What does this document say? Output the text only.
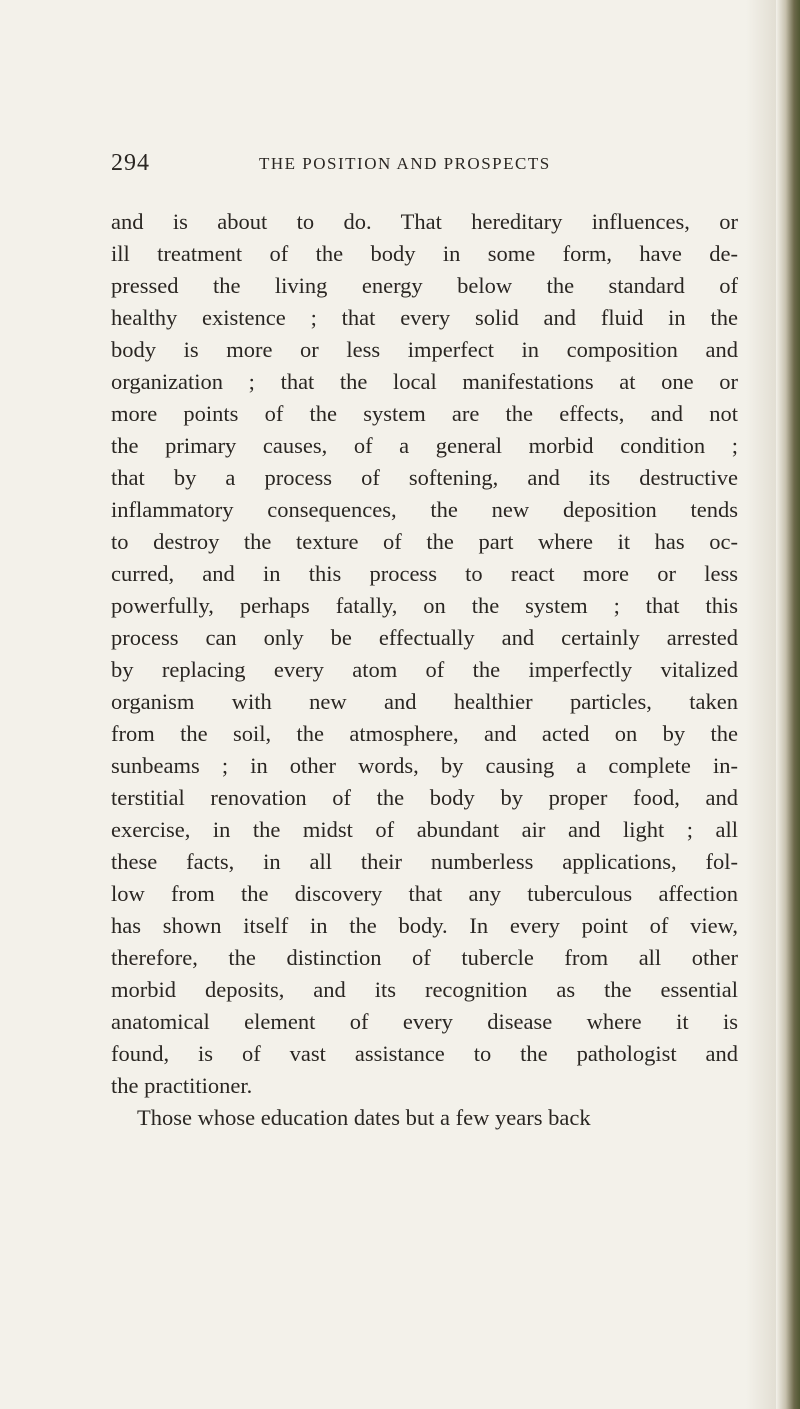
294	THE POSITION AND PROSPECTS
and is about to do. That hereditary influences, or
ill treatment of the body in some form, have de-
pressed the living energy below the standard of
healthy existence ; that every solid and fluid in the
body is more or less imperfect in composition and
organization ; that the local manifestations at one or
more points of the system are the effects, and not
the primary causes, of a general morbid condition ;
that by a process of softening, and its destructive
inflammatory consequences, the new deposition tends
to destroy the texture of the part where it has oc-
curred, and in this process to react more or less
powerfully, perhaps fatally, on the system ; that this
process can only be effectually and certainly arrested
by replacing every atom of the imperfectly vitalized
organism with new and healthier particles, taken
from the soil, the atmosphere, and acted on by the
sunbeams ; in other words, by causing a complete in-
terstitial renovation of the body by proper food, and
exercise, in the midst of abundant air and light ; all
these facts, in all their numberless applications, fol-
low from the discovery that any tuberculous affection
has shown itself in the body. In every point of view,
therefore, the distinction of tubercle from all other
morbid deposits, and its recognition as the essential
anatomical element of every disease where it is
found, is of vast assistance to the pathologist and
the practitioner.
Those whose education dates but a few years back
